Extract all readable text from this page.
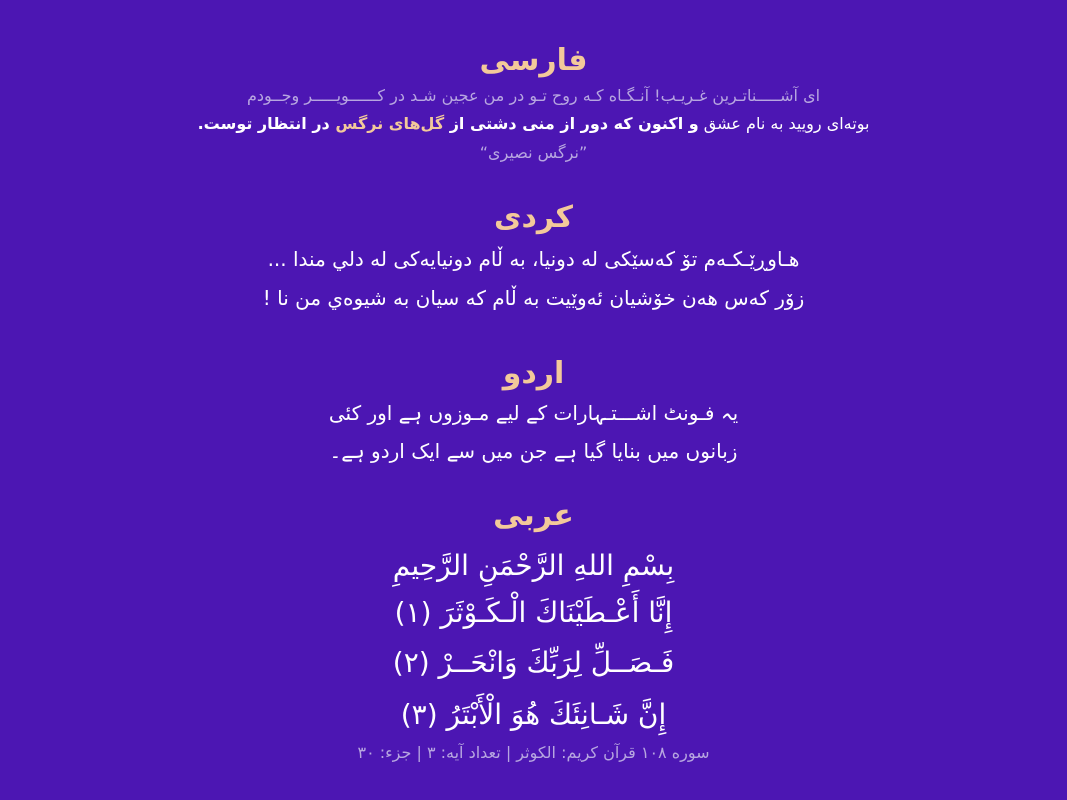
فارسی
ای آشـــــناتـرین غـریـب! آنـگـاه کـه روح تـو در من عجین شـد در کــــــویـــــر وجــودم
بوته‌ای رویید به نام عشق و اکنون که دور از منی دشتی از گل‌های نرگس در انتظار توست.
”نرگس نصیری“
کردی
هـاوڕێـکـەم تۆ کەسێکی لە دونیا، بە ڵام دونیایەکی لە دلي مندا ...
زۆر کەس هەن خۆشیان ئەوێیت بە ڵام کە سیان بە شیوەي من نا !
اردو
یہ فـونٹ اشـــتـہارات کے لیے مـوزوں ہے اور کئی
زبانوں میں بنایا گیا ہے جن میں سے ایک اردو ہے۔
عربی
بِسْمِ اللهِ الرَّحْمَنِ الرَّحِيمِ
إِنَّا أَعْـطَيْنَاكَ الْـكَـوْثَرَ (١)
فَـصَــلِّ لِرَبِّكَ وَانْحَــرْ (٢)
إِنَّ شَـانِئَكَ هُوَ الْأَبْتَرُ (٣)
سوره ۱۰۸ قرآن کریم: الکوثر | تعداد آیه: ۳ | جزء: ۳۰
